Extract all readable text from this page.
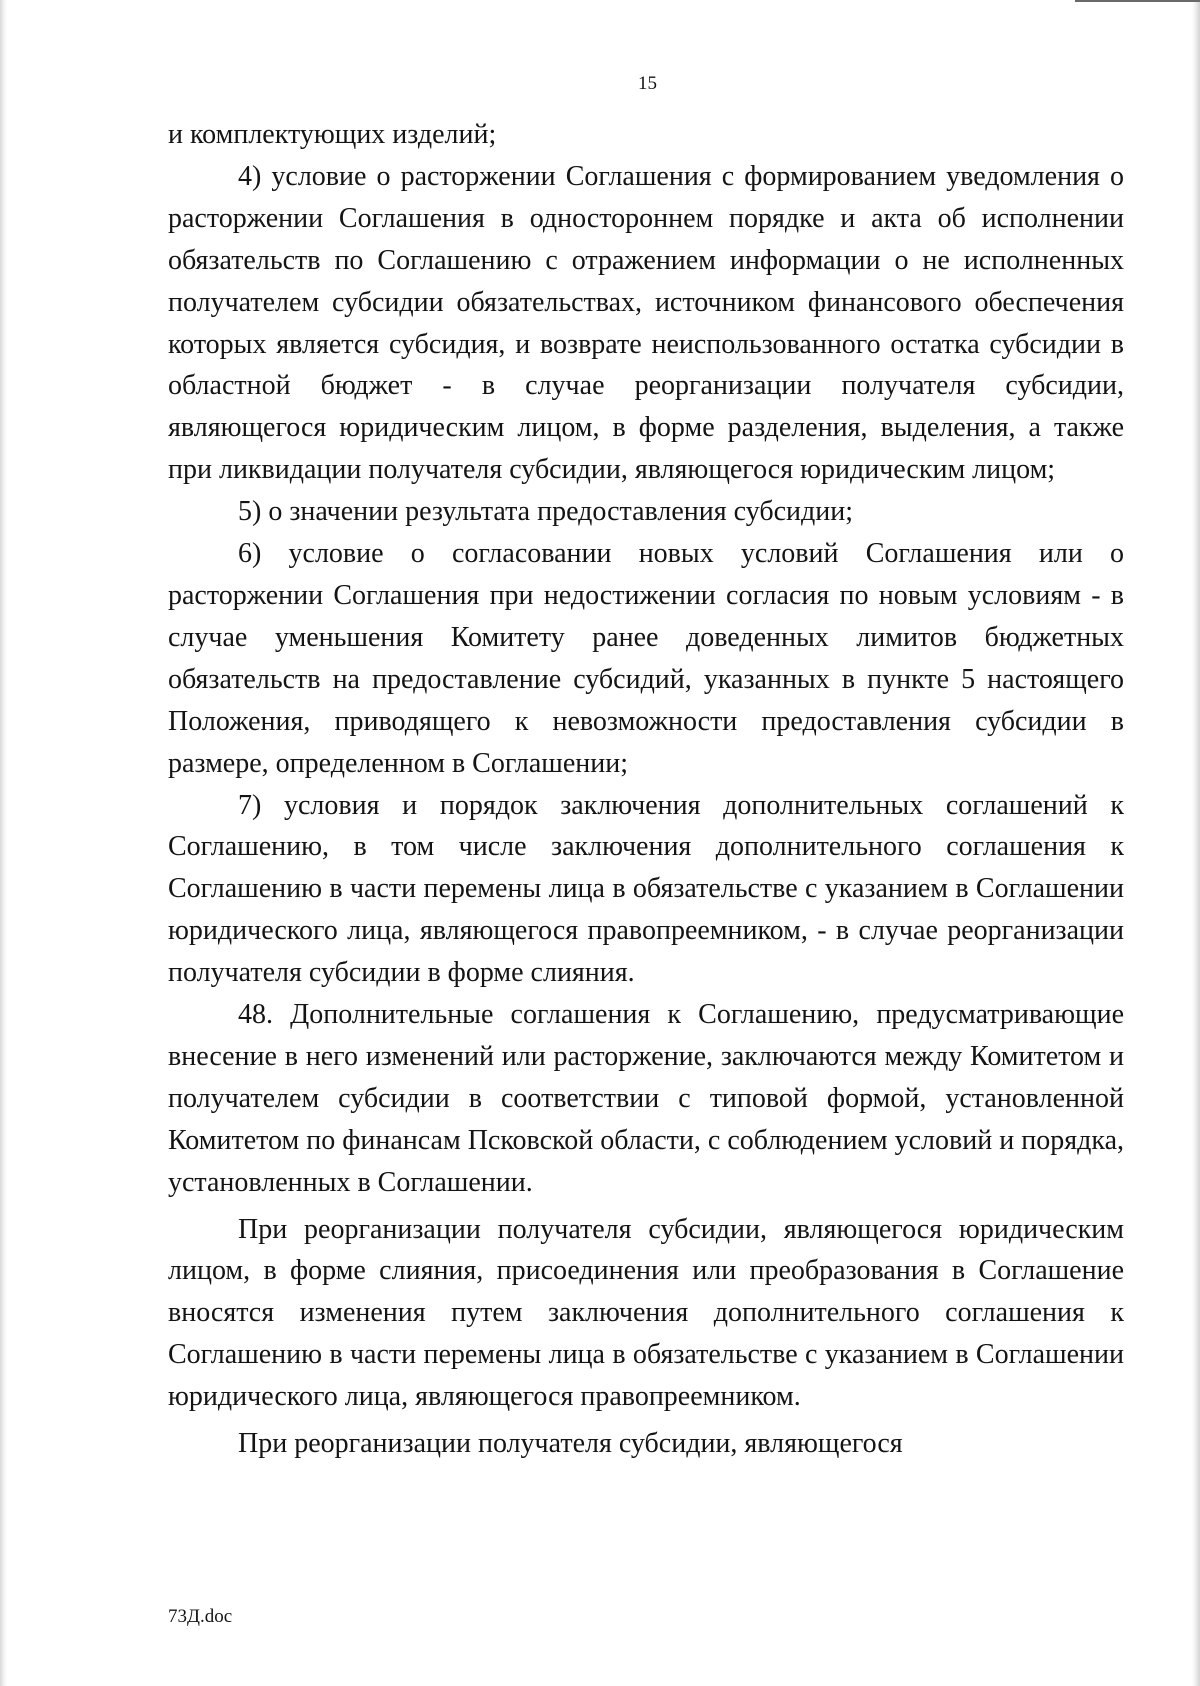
15

и комплектующих изделий;

4) условие о расторжении Соглашения с формированием уведомления о расторжении Соглашения в одностороннем порядке и акта об исполнении обязательств по Соглашению с отражением информации о не исполненных получателем субсидии обязательствах, источником финансового обеспечения которых является субсидия, и возврате неиспользованного остатка субсидии в областной бюджет - в случае реорганизации получателя субсидии, являющегося юридическим лицом, в форме разделения, выделения, а также при ликвидации получателя субсидии, являющегося юридическим лицом;

5) о значении результата предоставления субсидии;

6) условие о согласовании новых условий Соглашения или о расторжении Соглашения при недостижении согласия по новым условиям - в случае уменьшения Комитету ранее доведенных лимитов бюджетных обязательств на предоставление субсидий, указанных в пункте 5 настоящего Положения, приводящего к невозможности предоставления субсидии в размере, определенном в Соглашении;

7) условия и порядок заключения дополнительных соглашений к Соглашению, в том числе заключения дополнительного соглашения к Соглашению в части перемены лица в обязательстве с указанием в Соглашении юридического лица, являющегося правопреемником, - в случае реорганизации получателя субсидии в форме слияния.

48. Дополнительные соглашения к Соглашению, предусматривающие внесение в него изменений или расторжение, заключаются между Комитетом и получателем субсидии в соответствии с типовой формой, установленной Комитетом по финансам Псковской области, с соблюдением условий и порядка, установленных в Соглашении.

При реорганизации получателя субсидии, являющегося юридическим лицом, в форме слияния, присоединения или преобразования в Соглашение вносятся изменения путем заключения дополнительного соглашения к Соглашению в части перемены лица в обязательстве с указанием в Соглашении юридического лица, являющегося правопреемником.

При реорганизации получателя субсидии, являющегося

73Д.doc
